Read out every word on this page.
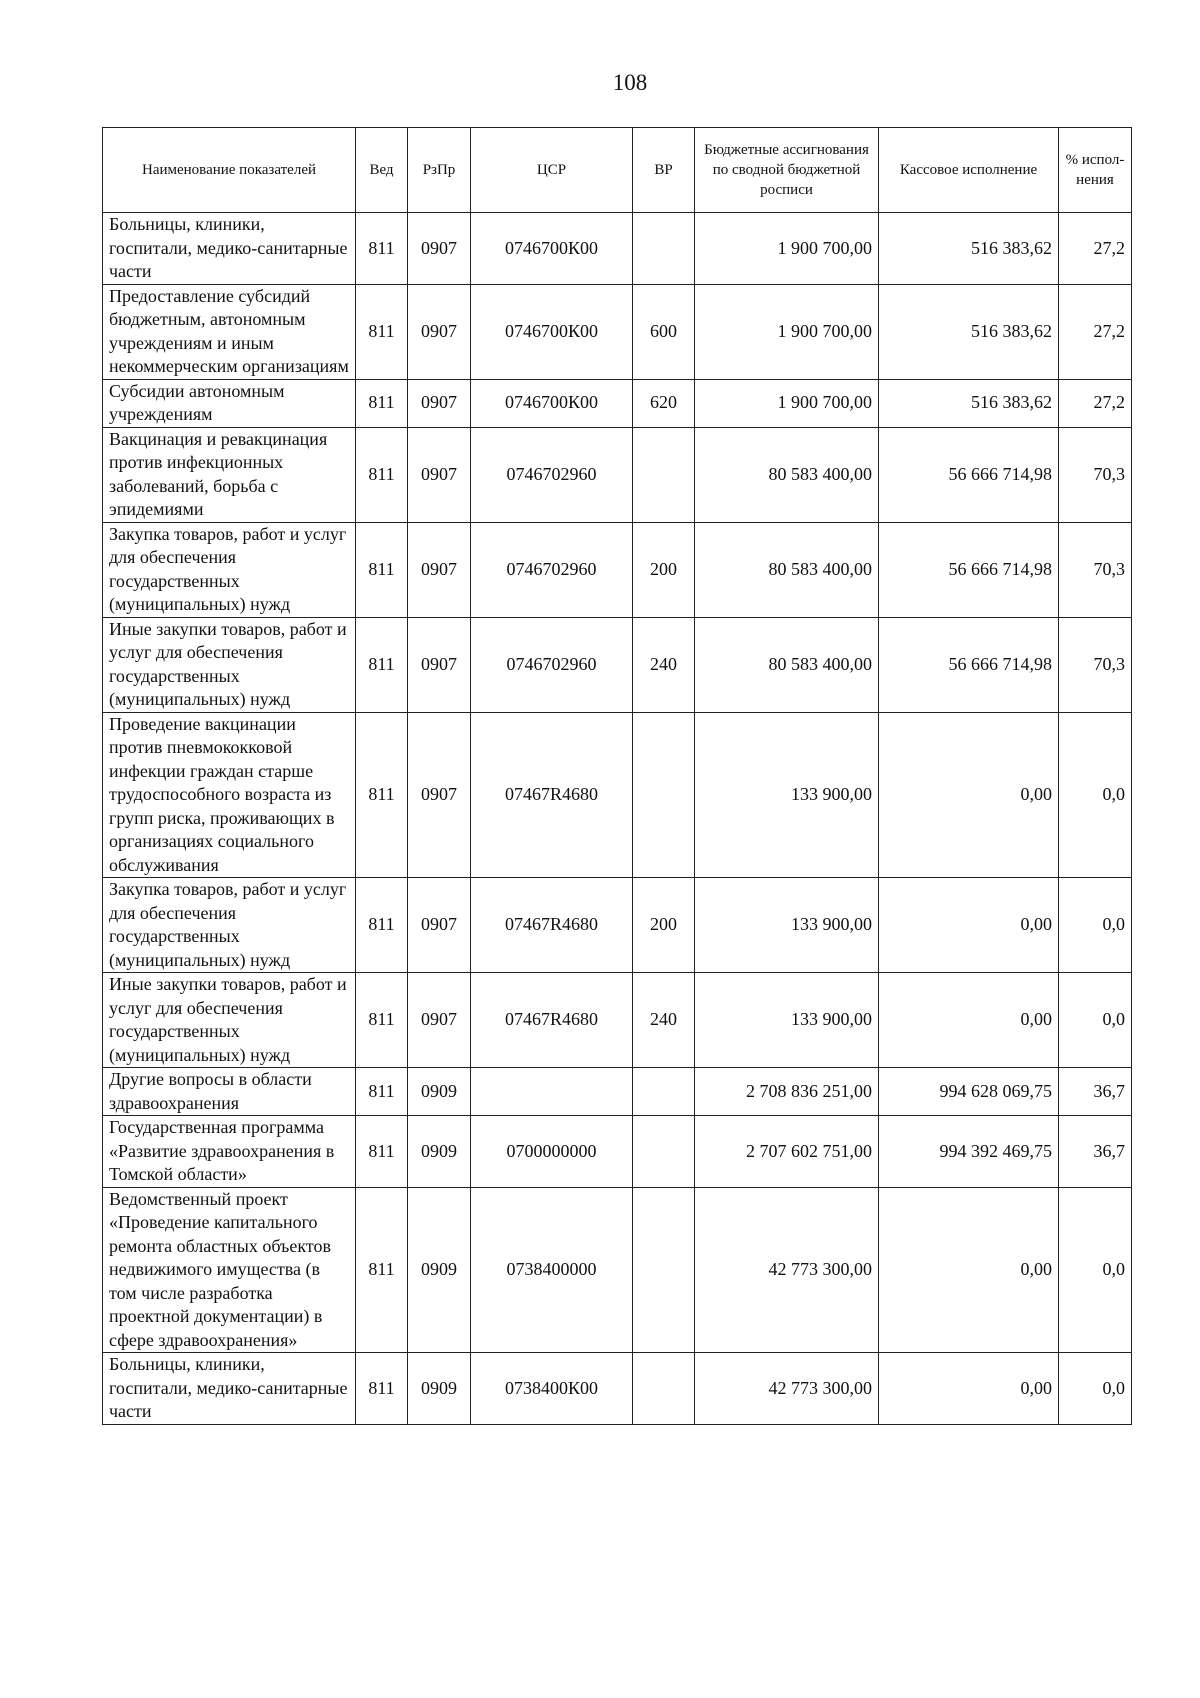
108
Наименование показателей	Вед	РзПр	ЦСР	ВР	Бюджетные ассигнования по сводной бюджетной росписи	Кассовое исполнение	% испол-нения
Больницы, клиники, госпитали, медико-санитарные части	811	0907	0746700К00		1 900 700,00	516 383,62	27,2
Предоставление субсидий бюджетным, автономным учреждениям и иным некоммерческим организациям	811	0907	0746700К00	600	1 900 700,00	516 383,62	27,2
Субсидии автономным учреждениям	811	0907	0746700К00	620	1 900 700,00	516 383,62	27,2
Вакцинация и ревакцинация против инфекционных заболеваний, борьба с эпидемиями	811	0907	0746702960		80 583 400,00	56 666 714,98	70,3
Закупка товаров, работ и услуг для обеспечения государственных (муниципальных) нужд	811	0907	0746702960	200	80 583 400,00	56 666 714,98	70,3
Иные закупки товаров, работ и услуг для обеспечения государственных (муниципальных) нужд	811	0907	0746702960	240	80 583 400,00	56 666 714,98	70,3
Проведение вакцинации против пневмококковой инфекции граждан старше трудоспособного возраста из групп риска, проживающих в организациях социального обслуживания	811	0907	07467R4680		133 900,00	0,00	0,0
Закупка товаров, работ и услуг для обеспечения государственных (муниципальных) нужд	811	0907	07467R4680	200	133 900,00	0,00	0,0
Иные закупки товаров, работ и услуг для обеспечения государственных (муниципальных) нужд	811	0907	07467R4680	240	133 900,00	0,00	0,0
Другие вопросы в области здравоохранения	811	0909			2 708 836 251,00	994 628 069,75	36,7
Государственная программа «Развитие здравоохранения в Томской области»	811	0909	0700000000		2 707 602 751,00	994 392 469,75	36,7
Ведомственный проект «Проведение капитального ремонта областных объектов недвижимого имущества (в том числе разработка проектной документации) в сфере здравоохранения»	811	0909	0738400000		42 773 300,00	0,00	0,0
Больницы, клиники, госпитали, медико-санитарные части	811	0909	0738400К00		42 773 300,00	0,00	0,0
